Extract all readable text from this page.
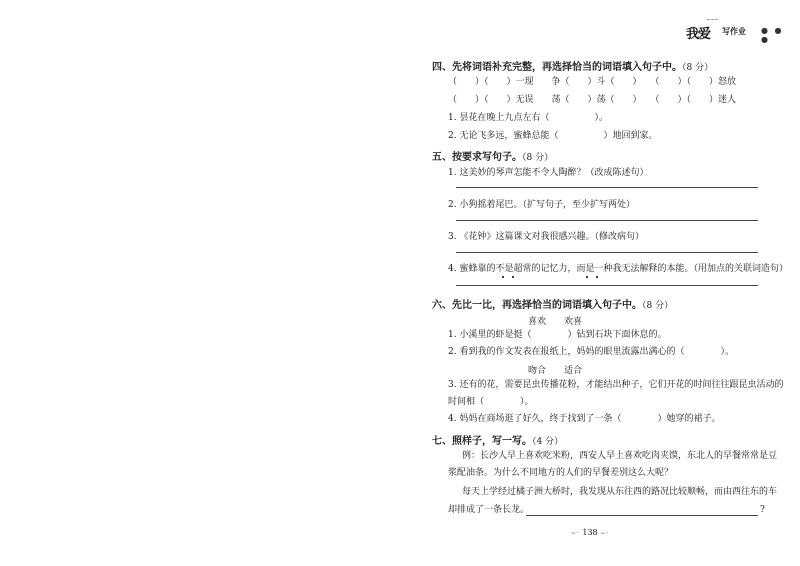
~~~
我爱 写作业 ● ● ●
四、先将词语补充完整，再选择恰当的词语填入句子中。（8 分）
（　　）（　　）一现　　争（　　）斗（　　）　　（　　）（　　）怒放
（　　）（　　）无误　　荡（　　）荡（　　）　　（　　）（　　）迷人
1. 昙花在晚上九点左右（　　　　　）。
2. 无论飞多远，蜜蜂总能（　　　　　）地回到家。
五、按要求写句子。（8 分）
1. 这美妙的琴声怎能不令人陶醉？（改成陈述句）
2. 小狗摇着尾巴。（扩写句子，至少扩写两处）
3. 《花钟》这篇课文对我很感兴趣。（修改病句）
4. 蜜蜂靠的不是超常的记忆力，而是一种我无法解释的本能。（用加点的关联词造句）
六、先比一比，再选择恰当的词语填入句子中。（8 分）
喜欢　　欢喜
1. 小溪里的虾是挺（　　　　）钻到石块下面休息的。
2. 看到我的作文发表在报纸上，妈妈的眼里流露出满心的（　　　　）。
吻合　　适合
3. 还有的花，需要昆虫传播花粉，才能结出种子，它们开花的时间往往跟昆虫活动的
时间相（　　　　）。
4. 妈妈在商场逛了好久，终于找到了一条（　　　　）她穿的裙子。
七、照样子，写一写。（4 分）
例：长沙人早上喜欢吃米粉，西安人早上喜欢吃肉夹馍，东北人的早餐常常是豆
浆配油条。为什么不同地方的人们的早餐差别这么大呢？
每天上学经过橘子洲大桥时，我发现从东往西的路况比较顺畅，而由西往东的车
却排成了一条长龙。	?
~· 138 ~·
